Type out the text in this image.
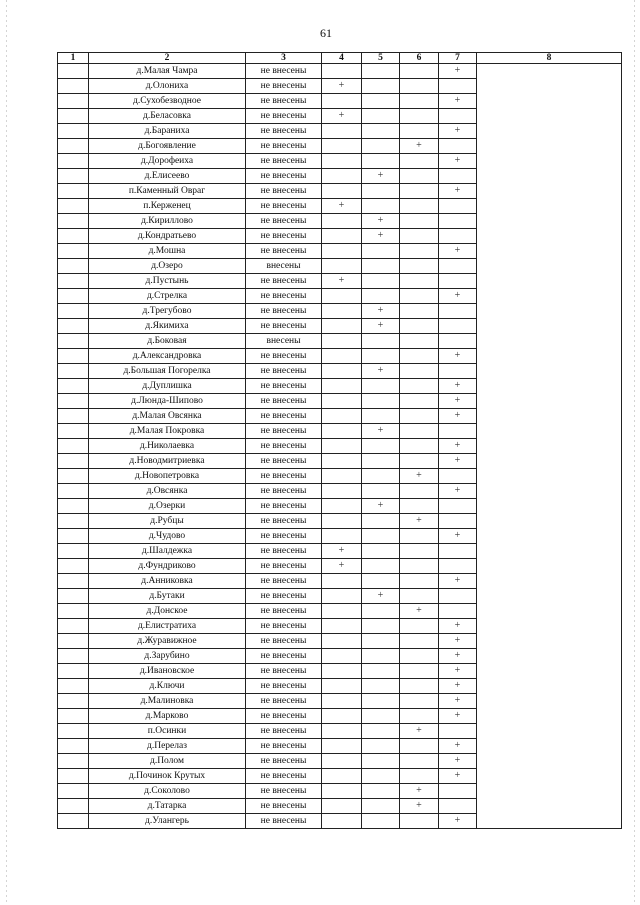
61
1	2	3	4	5	6	7	8
	д.Малая Чамра	не внесены				+	
	д.Олониха	не внесены	+				
	д.Сухобезводное	не внесены				+	
	д.Беласовка	не внесены	+				
	д.Бараниха	не внесены				+	
	д.Богоявление	не внесены			+		
	д.Дорофеиха	не внесены				+	
	д.Елисеево	не внесены		+			
	п.Каменный Овраг	не внесены				+	
	п.Керженец	не внесены	+				
	д.Кириллово	не внесены		+			
	д.Кондратьево	не внесены		+			
	д.Мошна	не внесены				+	
	д.Озеро	внесены					
	д.Пустынь	не внесены	+				
	д.Стрелка	не внесены				+	
	д.Трегубово	не внесены		+			
	д.Якимиха	не внесены		+			
	д.Боковая	внесены					
	д.Александровка	не внесены				+	
	д.Большая Погорелка	не внесены		+			
	д.Дуплишка	не внесены				+	
	д.Люнда-Шипово	не внесены				+	
	д.Малая Овсянка	не внесены				+	
	д.Малая Покровка	не внесены		+			
	д.Николаевка	не внесены				+	
	д.Новодмитриевка	не внесены				+	
	д.Новопетровка	не внесены			+		
	д.Овсянка	не внесены				+	
	д.Озерки	не внесены		+			
	д.Рубцы	не внесены			+		
	д.Чудово	не внесены				+	
	д.Шалдежка	не внесены	+				
	д.Фундриково	не внесены	+				
	д.Анниковка	не внесены				+	
	д.Бутаки	не внесены		+			
	д.Донское	не внесены			+		
	д.Елистратиха	не внесены				+	
	д.Журавижное	не внесены				+	
	д.Зарубино	не внесены				+	
	д.Ивановское	не внесены				+	
	д.Ключи	не внесены				+	
	д.Малиновка	не внесены				+	
	д.Марково	не внесены				+	
	п.Осинки	не внесены			+		
	д.Перелаз	не внесены				+	
	д.Полом	не внесены				+	
	д.Починок Крутых	не внесены				+	
	д.Соколово	не внесены			+		
	д.Татарка	не внесены			+		
	д.Улангерь	не внесены				+	
